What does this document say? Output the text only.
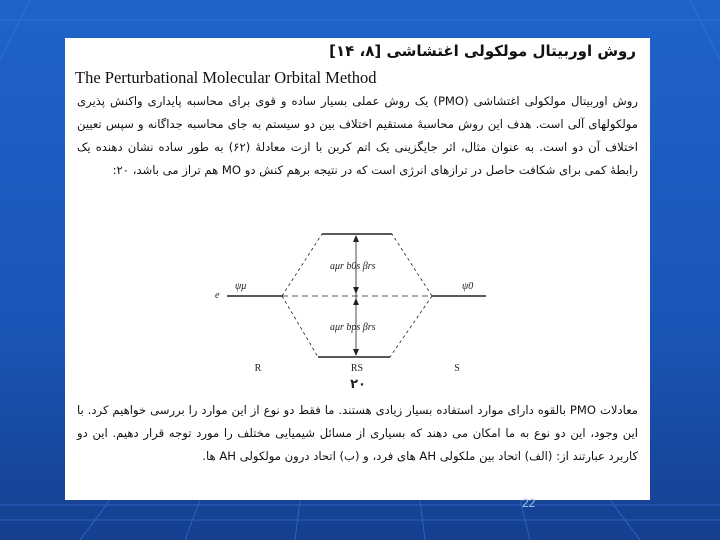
روش اوربیتال مولکولی اغتشاشی [۸، ۱۴]
The Perturbational Molecular Orbital Method
روش اوربیتال مولکولی اغتشاشی (PMO) یک روش عملی بسیار ساده و قوی برای محاسبه پایداری واکنش پذیری مولکولهای آلی است. هدف این روش محاسبهٔ مستقیم اختلاف بین دو سیستم به جای محاسبه جداگانه و سپس تعیین اختلاف آن دو است. به عنوان مثال، اثر جایگزینی یک اتم کربن با ازت معادلهٔ (۶۲) به طور ساده نشان دهنده یک رابطهٔ کمی برای شکافت حاصل در ترازهای انرژی است که در نتیجه برهم کنش دو MO هم تراز می باشد، ۲۰:
e
ψμ	ψ0
aμr b0s βrs
aμr bps βrs
R	RS	S
۲۰
معادلات PMO بالقوه دارای موارد استفاده بسیار زیادی هستند. ما فقط دو نوع از این موارد را بررسی خواهیم کرد. با این وجود، این دو نوع به ما امکان می دهند که بسیاری از مسائل شیمیایی مختلف را مورد توجه قرار دهیم. این دو کاربرد عبارتند از: (الف) اتحاد بین ملکولی AH های فرد، و (ب) اتحاد درون مولکولی AH ها.
22
